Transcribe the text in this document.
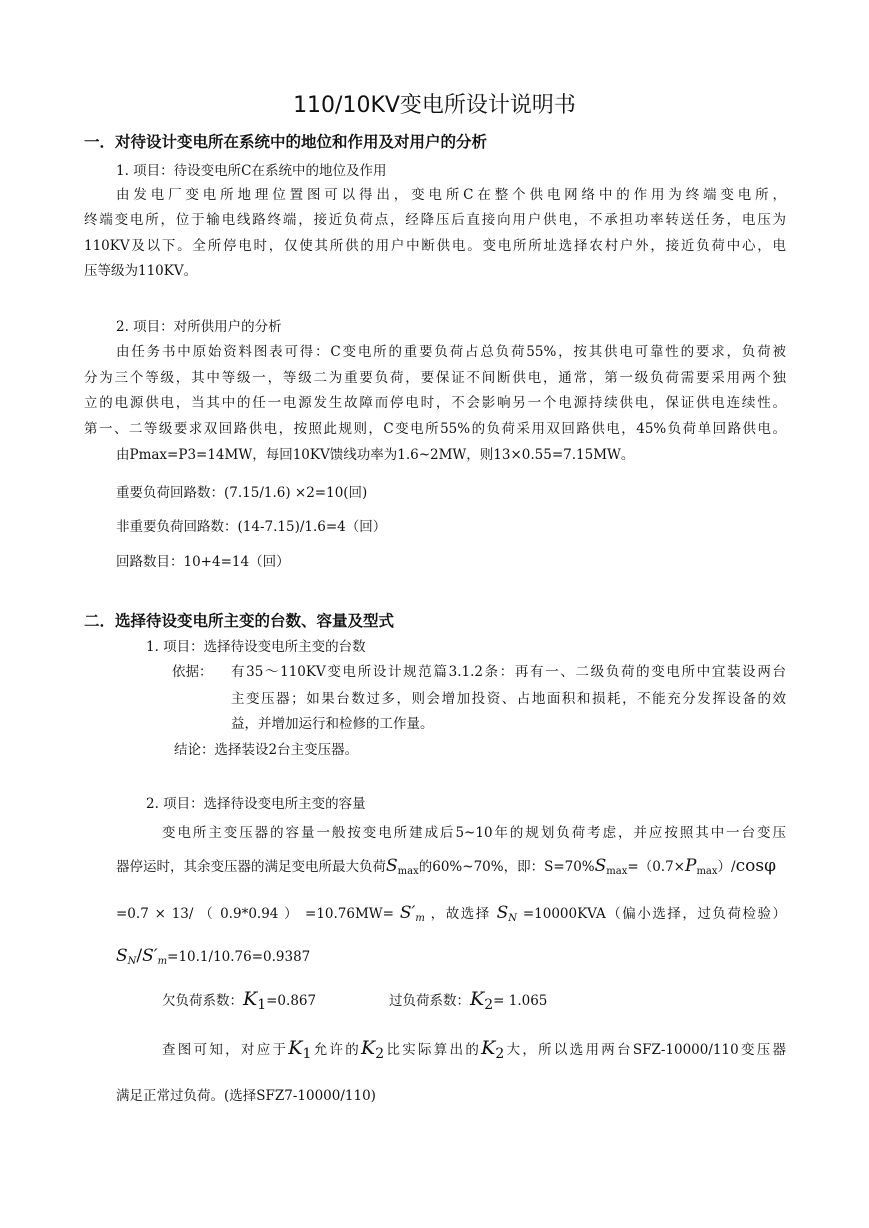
110/10KV变电所设计说明书
一．对待设计变电所在系统中的地位和作用及对用户的分析
1. 项目：待设变电所C在系统中的地位及作用
由发电厂变电所地理位置图可以得出，变电所C在整个供电网络中的作用为终端变电所，
终端变电所，位于输电线路终端，接近负荷点，经降压后直接向用户供电，不承担功率转送任务，电压为
110KV及以下。全所停电时，仅使其所供的用户中断供电。变电所所址选择农村户外，接近负荷中心，电
压等级为110KV。
2. 项目：对所供用户的分析
由任务书中原始资料图表可得：C变电所的重要负荷占总负荷55%，按其供电可靠性的要求，负荷被
分为三个等级，其中等级一，等级二为重要负荷，要保证不间断供电，通常，第一级负荷需要采用两个独
立的电源供电，当其中的任一电源发生故障而停电时，不会影响另一个电源持续供电，保证供电连续性。
第一、二等级要求双回路供电，按照此规则，C变电所55%的负荷采用双回路供电，45%负荷单回路供电。
由Pmax=P3=14MW，每回10KV馈线功率为1.6~2MW，则13×0.55=7.15MW。
重要负荷回路数：(7.15/1.6) ×2=10(回)
非重要负荷回路数：(14-7.15)/1.6=4（回）
回路数目：10+4=14（回）
二．选择待设变电所主变的台数、容量及型式
1. 项目：选择待设变电所主变的台数
依据： 有35～110KV变电所设计规范篇3.1.2条：再有一、二级负荷的变电所中宜装设两台
主变压器；如果台数过多，则会增加投资、占地面积和损耗，不能充分发挥设备的效
益，并增加运行和检修的工作量。
结论：选择装设2台主变压器。
2. 项目：选择待设变电所主变的容量
变电所主变压器的容量一般按变电所建成后5~10年的规划负荷考虑，并应按照其中一台变压
器停运时，其余变压器的满足变电所最大负荷$S_{max}$的60%~70%，即：$S=70\%S_{max}=(0.7\times P_{max})$/cosφ
=0.7 × 13/ （ 0.9*0.94 ） =10.76MW= S′m ，故选择 SN =10000KVA（偏小选择，过负荷检验）
SN/S′m=10.1/10.76=0.9387
欠负荷系数：$K_1=0.867$	过负荷系数：$K_2= 1.065$
查图可知，对应于$K_1$允许的$K_2$比实际算出的$K_2$大，所以选用两台SFZ-10000/110变压器
满足正常过负荷。(选择SFZ7-10000/110)
